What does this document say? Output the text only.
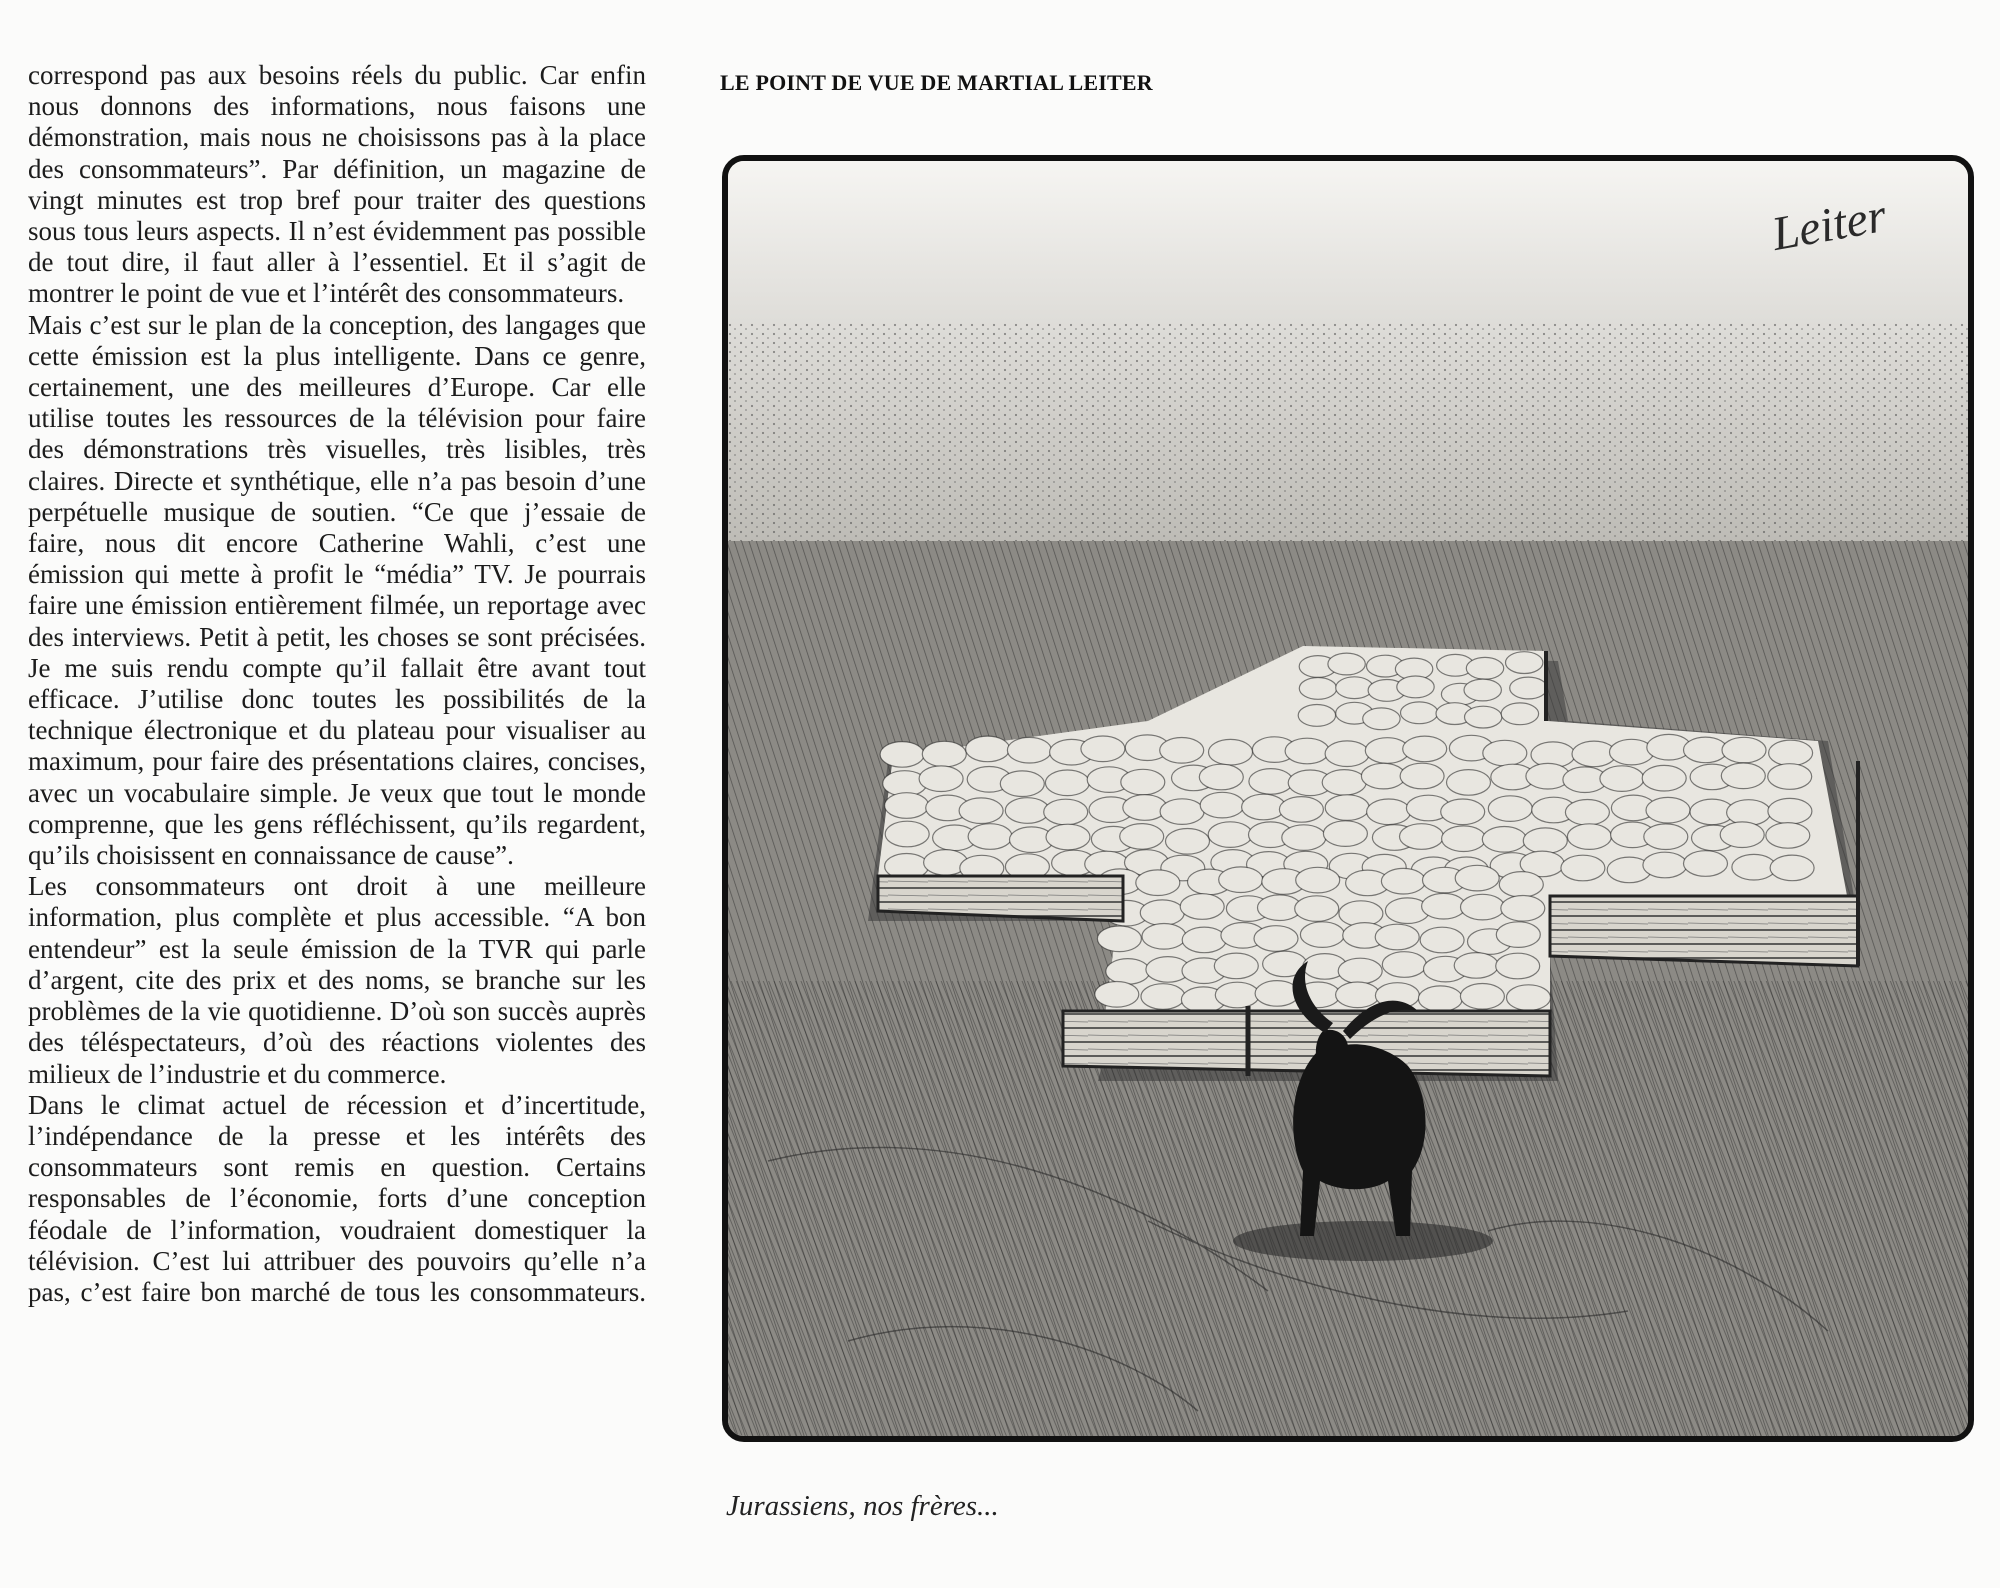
correspond pas aux besoins réels du public. Car enfin nous donnons des informations, nous faisons une démonstration, mais nous ne choisissons pas à la place des consommateurs”. Par définition, un magazine de vingt minutes est trop bref pour traiter des questions sous tous leurs aspects. Il n’est évidemment pas possible de tout dire, il faut aller à l’essentiel. Et il s’agit de montrer le point de vue et l’intérêt des consommateurs.

Mais c’est sur le plan de la conception, des langages que cette émission est la plus intelligente. Dans ce genre, certainement, une des meilleures d’Europe. Car elle utilise toutes les ressources de la télévision pour faire des démonstrations très visuelles, très lisibles, très claires. Directe et synthétique, elle n’a pas besoin d’une perpétuelle musique de soutien. “Ce que j’essaie de faire, nous dit encore Catherine Wahli, c’est une émission qui mette à profit le “média” TV. Je pourrais faire une émission entièrement filmée, un reportage avec des interviews. Petit à petit, les choses se sont précisées. Je me suis rendu compte qu’il fallait être avant tout efficace. J’utilise donc toutes les possibilités de la technique électronique et du plateau pour visualiser au maximum, pour faire des présentations claires, concises, avec un vocabulaire simple. Je veux que tout le monde comprenne, que les gens réfléchissent, qu’ils regardent, qu’ils choisissent en connaissance de cause”.

Les consommateurs ont droit à une meilleure information, plus complète et plus accessible. “A bon entendeur” est la seule émission de la TVR qui parle d’argent, cite des prix et des noms, se branche sur les problèmes de la vie quotidienne. D’où son succès auprès des téléspectateurs, d’où des réactions violentes des milieux de l’industrie et du commerce.

Dans le climat actuel de récession et d’incertitude, l’indépendance de la presse et les intérêts des consommateurs sont remis en question. Certains responsables de l’économie, forts d’une conception féodale de l’information, voudraient domestiquer la télévision. C’est lui attribuer des pouvoirs qu’elle n’a pas, c’est faire bon marché de tous les consommateurs.

LE POINT DE VUE DE MARTIAL LEITER
Leiter
Jurassiens, nos frères...
